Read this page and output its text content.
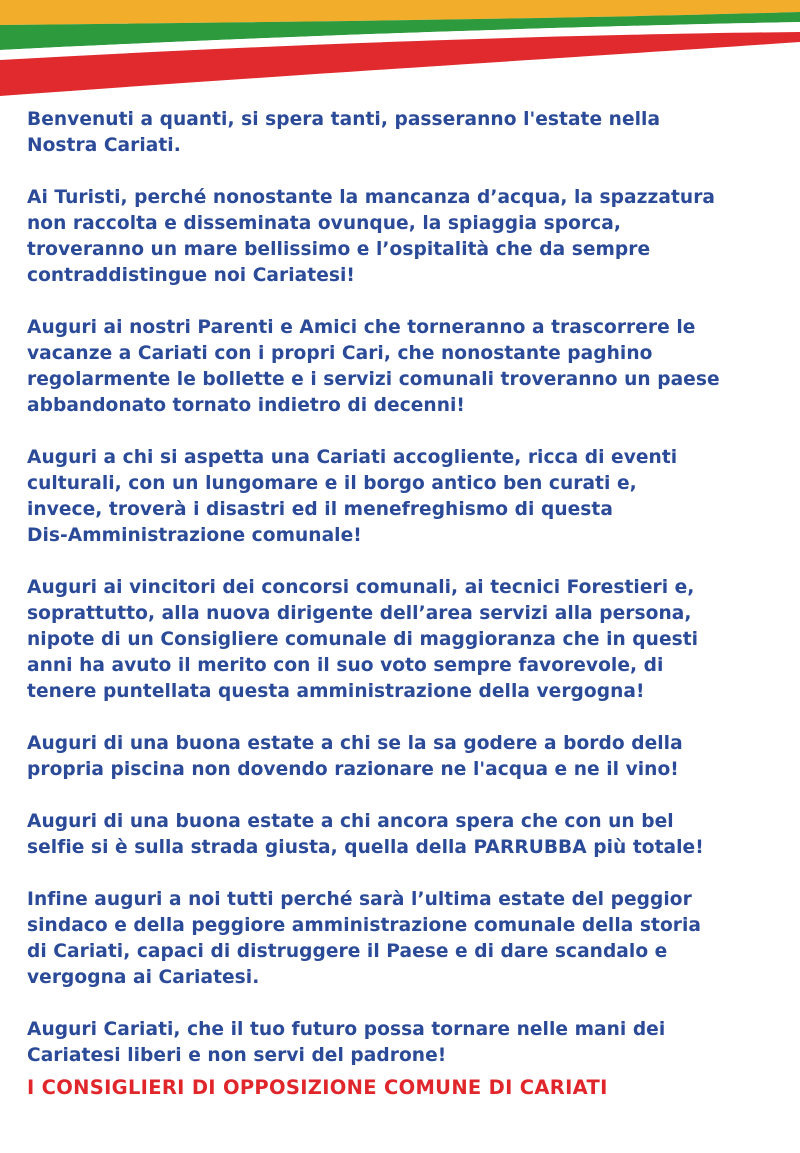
Benvenuti a quanti, si spera tanti, passeranno l'estate nella
Nostra Cariati.
Ai Turisti, perché nonostante la mancanza d’acqua, la spazzatura
non raccolta e disseminata ovunque, la spiaggia sporca,
troveranno un mare bellissimo e l’ospitalità che da sempre
contraddistingue noi Cariatesi!
Auguri ai nostri Parenti e Amici che torneranno a trascorrere le
vacanze a Cariati con i propri Cari, che nonostante paghino
regolarmente le bollette e i servizi comunali troveranno un paese
abbandonato tornato indietro di decenni!
Auguri a chi si aspetta una Cariati accogliente, ricca di eventi
culturali, con un lungomare e il borgo antico ben curati e,
invece, troverà i disastri ed il menefreghismo di questa
Dis-Amministrazione comunale!
Auguri ai vincitori dei concorsi comunali, ai tecnici Forestieri e,
soprattutto, alla nuova dirigente dell’area servizi alla persona,
nipote di un Consigliere comunale di maggioranza che in questi
anni ha avuto il merito con il suo voto sempre favorevole, di
tenere puntellata questa amministrazione della vergogna!
Auguri di una buona estate a chi se la sa godere a bordo della
propria piscina non dovendo razionare ne l'acqua e ne il vino!
Auguri di una buona estate a chi ancora spera che con un bel
selfie si è sulla strada giusta, quella della PARRUBBA più totale!
Infine auguri a noi tutti perché sarà l’ultima estate del peggior
sindaco e della peggiore amministrazione comunale della storia
di Cariati, capaci di distruggere il Paese e di dare scandalo e
vergogna ai Cariatesi.
Auguri Cariati, che il tuo futuro possa tornare nelle mani dei
Cariatesi liberi e non servi del padrone!
I CONSIGLIERI DI OPPOSIZIONE COMUNE DI CARIATI
